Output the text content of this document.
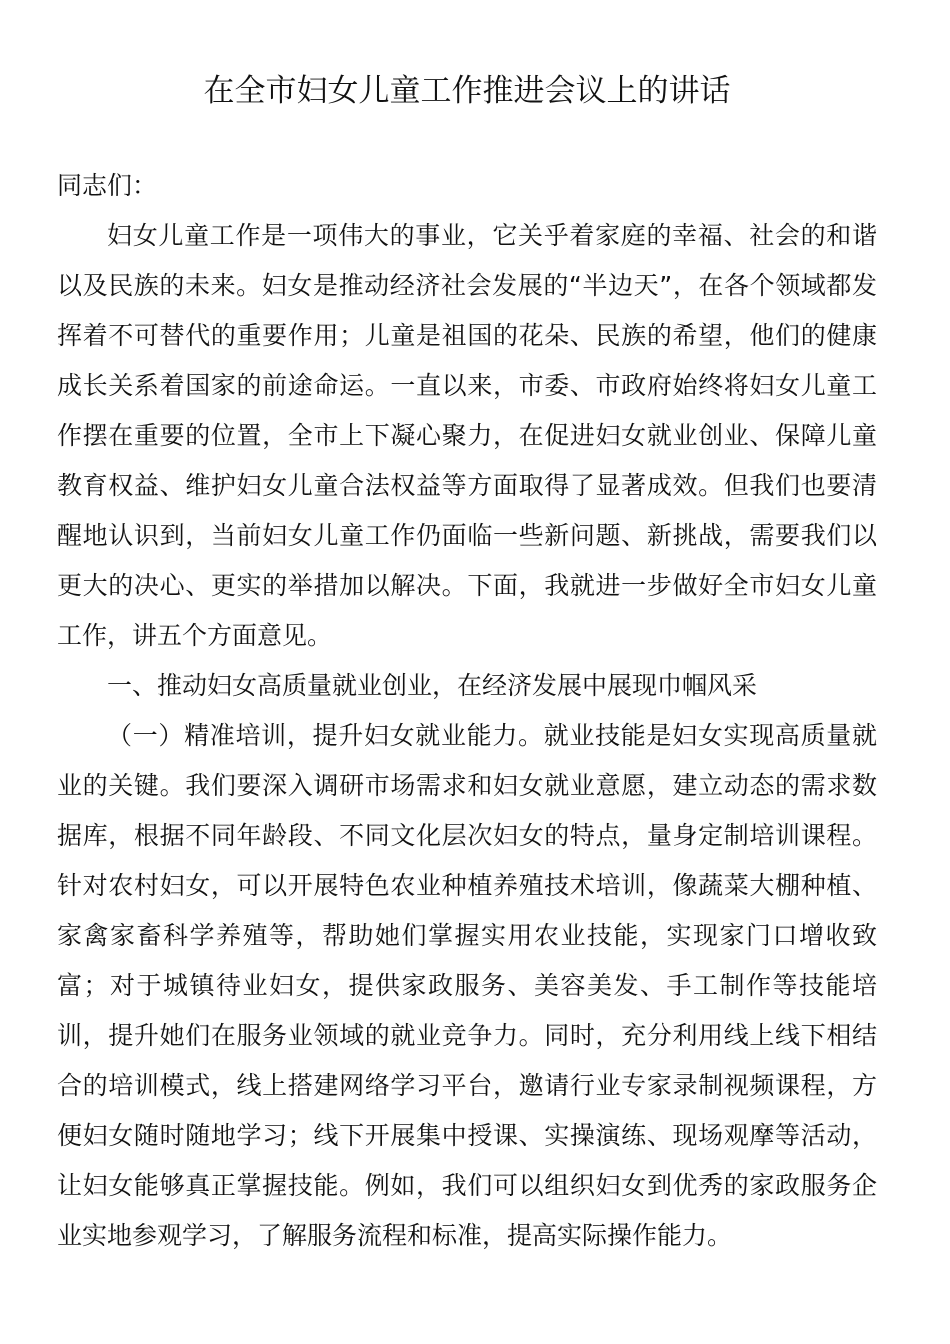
在全市妇女儿童工作推进会议上的讲话

同志们：

妇女儿童工作是一项伟大的事业，它关乎着家庭的幸福、社会的和谐以及民族的未来。妇女是推动经济社会发展的“半边天”，在各个领域都发挥着不可替代的重要作用；儿童是祖国的花朵、民族的希望，他们的健康成长关系着国家的前途命运。一直以来，市委、市政府始终将妇女儿童工作摆在重要的位置，全市上下凝心聚力，在促进妇女就业创业、保障儿童教育权益、维护妇女儿童合法权益等方面取得了显著成效。但我们也要清醒地认识到，当前妇女儿童工作仍面临一些新问题、新挑战，需要我们以更大的决心、更实的举措加以解决。下面，我就进一步做好全市妇女儿童工作，讲五个方面意见。

一、推动妇女高质量就业创业，在经济发展中展现巾帼风采

（一）精准培训，提升妇女就业能力。就业技能是妇女实现高质量就业的关键。我们要深入调研市场需求和妇女就业意愿，建立动态的需求数据库，根据不同年龄段、不同文化层次妇女的特点，量身定制培训课程。针对农村妇女，可以开展特色农业种植养殖技术培训，像蔬菜大棚种植、家禽家畜科学养殖等，帮助她们掌握实用农业技能，实现家门口增收致富；对于城镇待业妇女，提供家政服务、美容美发、手工制作等技能培训，提升她们在服务业领域的就业竞争力。同时，充分利用线上线下相结合的培训模式，线上搭建网络学习平台，邀请行业专家录制视频课程，方便妇女随时随地学习；线下开展集中授课、实操演练、现场观摩等活动，让妇女能够真正掌握技能。例如，我们可以组织妇女到优秀的家政服务企业实地参观学习，了解服务流程和标准，提高实际操作能力。
